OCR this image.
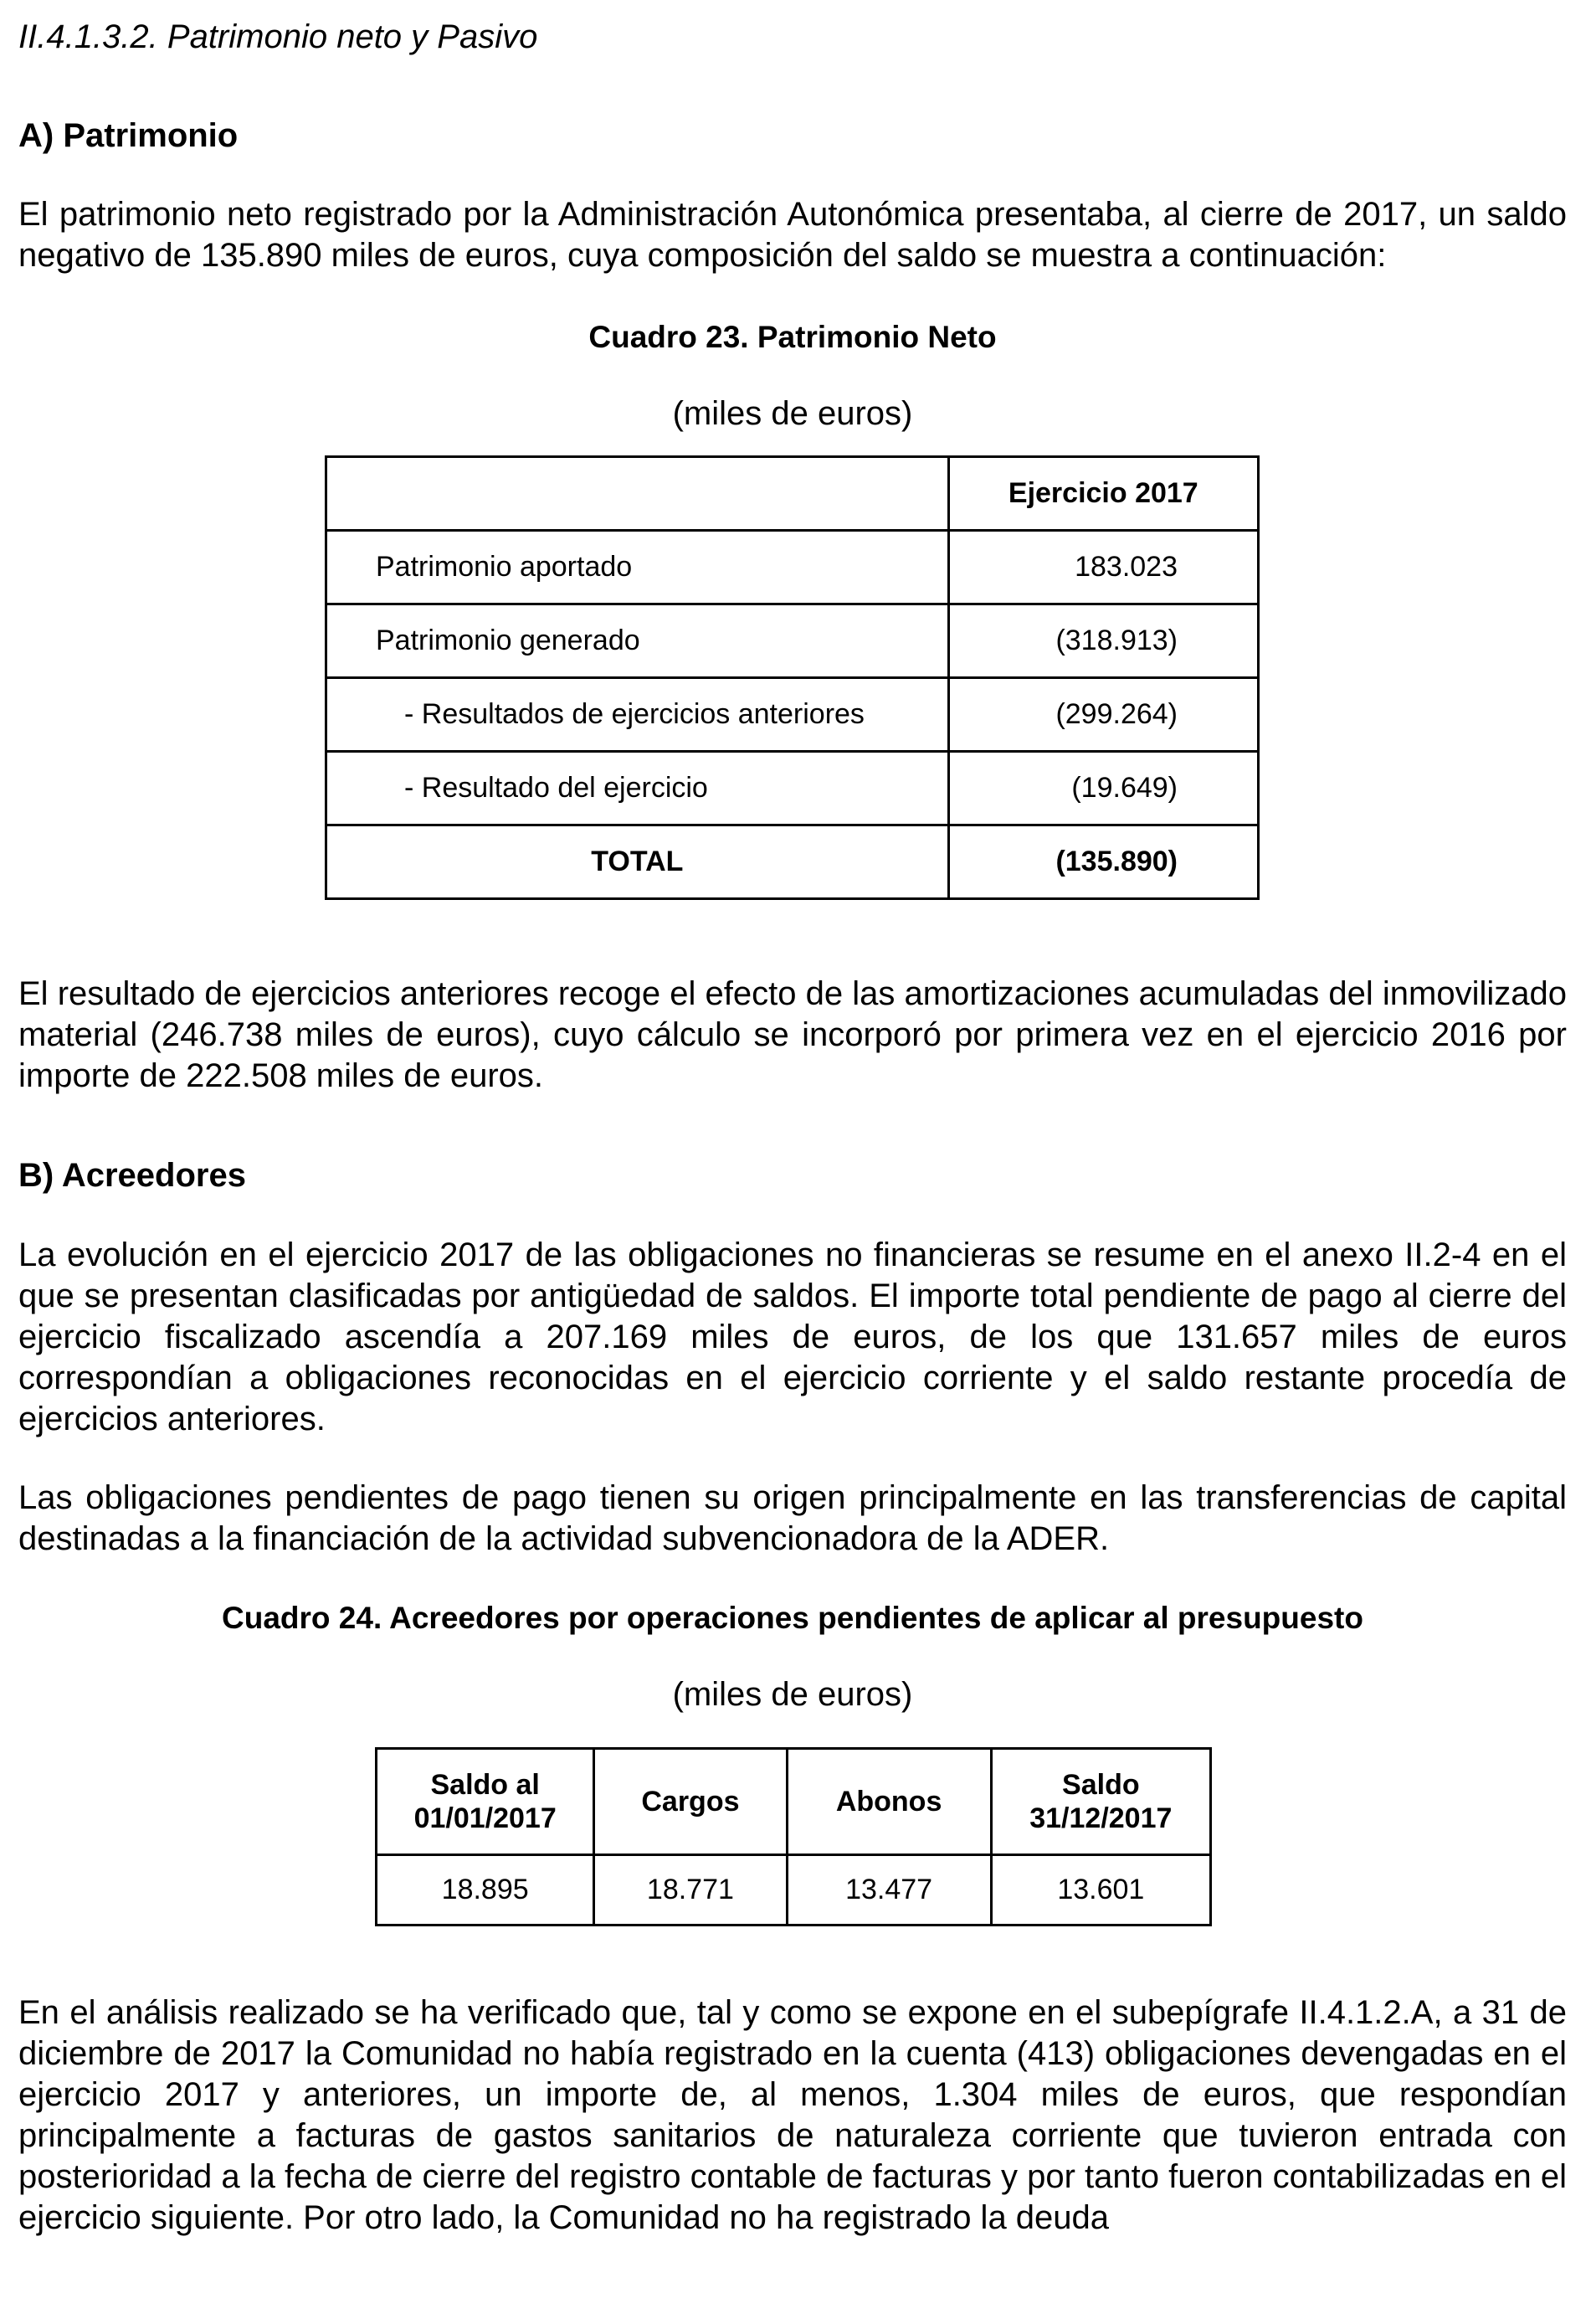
II.4.1.3.2. Patrimonio neto y Pasivo

A) Patrimonio

El patrimonio neto registrado por la Administración Autonómica presentaba, al cierre de 2017, un saldo negativo de 135.890 miles de euros, cuya composición del saldo se muestra a continuación:

Cuadro 23. Patrimonio Neto

(miles de euros)

	Ejercicio 2017
Patrimonio aportado	183.023
Patrimonio generado	(318.913)
- Resultados de ejercicios anteriores	(299.264)
- Resultado del ejercicio	(19.649)
TOTAL	(135.890)

El resultado de ejercicios anteriores recoge el efecto de las amortizaciones acumuladas del inmovilizado material (246.738 miles de euros), cuyo cálculo se incorporó por primera vez en el ejercicio 2016 por importe de 222.508 miles de euros.

B) Acreedores

La evolución en el ejercicio 2017 de las obligaciones no financieras se resume en el anexo II.2-4 en el que se presentan clasificadas por antigüedad de saldos. El importe total pendiente de pago al cierre del ejercicio fiscalizado ascendía a 207.169 miles de euros, de los que 131.657 miles de euros correspondían a obligaciones reconocidas en el ejercicio corriente y el saldo restante procedía de ejercicios anteriores.

Las obligaciones pendientes de pago tienen su origen principalmente en las transferencias de capital destinadas a la financiación de la actividad subvencionadora de la ADER.

Cuadro 24. Acreedores por operaciones pendientes de aplicar al presupuesto

(miles de euros)

Saldo al
01/01/2017	Cargos	Abonos	Saldo
31/12/2017
18.895	18.771	13.477	13.601

En el análisis realizado se ha verificado que, tal y como se expone en el subepígrafe II.4.1.2.A, a 31 de diciembre de 2017 la Comunidad no había registrado en la cuenta (413) obligaciones devengadas en el ejercicio 2017 y anteriores, un importe de, al menos, 1.304 miles de euros, que respondían principalmente a facturas de gastos sanitarios de naturaleza corriente que tuvieron entrada con posterioridad a la fecha de cierre del registro contable de facturas y por tanto fueron contabilizadas en el ejercicio siguiente. Por otro lado, la Comunidad no ha registrado la deuda
